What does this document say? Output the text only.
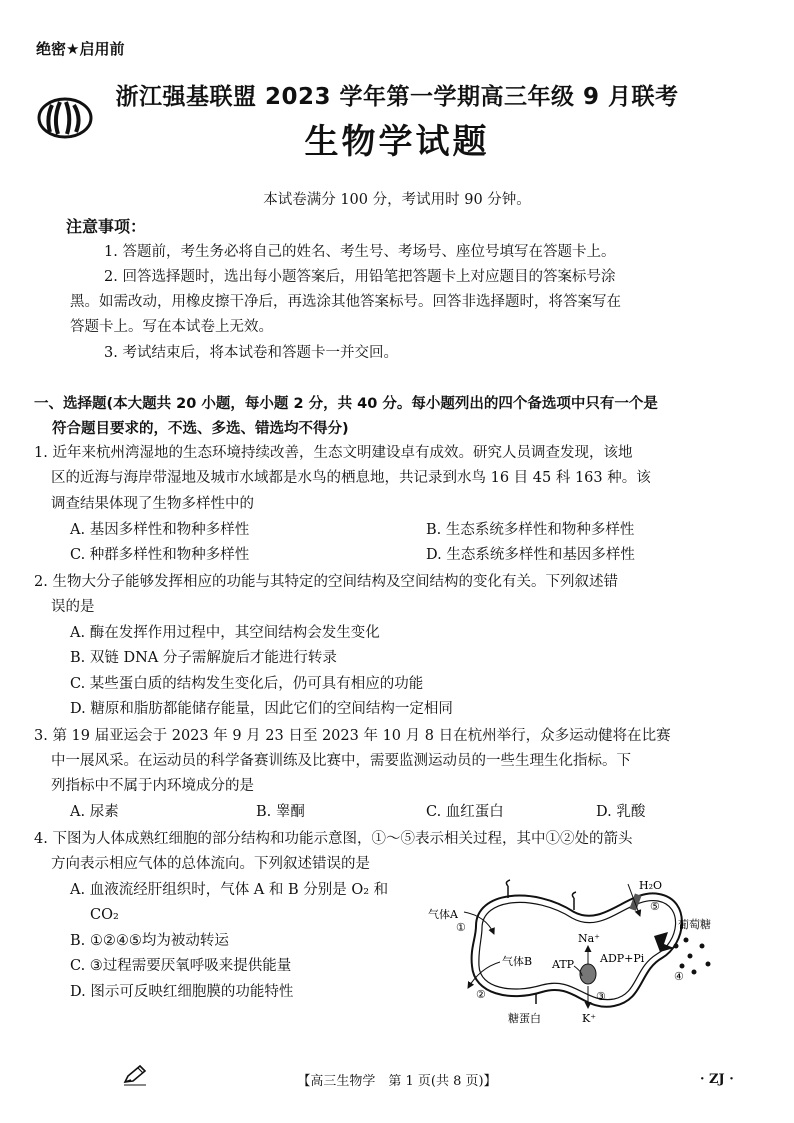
绝密★启用前
浙江强基联盟 2023 学年第一学期高三年级 9 月联考
生物学试题
本试卷满分 100 分，考试用时 90 分钟。
注意事项：
1. 答题前，考生务必将自己的姓名、考生号、考场号、座位号填写在答题卡上。
2. 回答选择题时，选出每小题答案后，用铅笔把答题卡上对应题目的答案标号涂
黑。如需改动，用橡皮擦干净后，再选涂其他答案标号。回答非选择题时，将答案写在
答题卡上。写在本试卷上无效。
3. 考试结束后，将本试卷和答题卡一并交回。
一、选择题(本大题共 20 小题，每小题 2 分，共 40 分。每小题列出的四个备选项中只有一个是
符合题目要求的，不选、多选、错选均不得分)
1. 近年来杭州湾湿地的生态环境持续改善，生态文明建设卓有成效。研究人员调查发现，该地
区的近海与海岸带湿地及城市水域都是水鸟的栖息地，共记录到水鸟 16 目 45 科 163 种。该
调查结果体现了生物多样性中的
A. 基因多样性和物种多样性	B. 生态系统多样性和物种多样性
C. 种群多样性和物种多样性	D. 生态系统多样性和基因多样性
2. 生物大分子能够发挥相应的功能与其特定的空间结构及空间结构的变化有关。下列叙述错
误的是
A. 酶在发挥作用过程中，其空间结构会发生变化
B. 双链 DNA 分子需解旋后才能进行转录
C. 某些蛋白质的结构发生变化后，仍可具有相应的功能
D. 糖原和脂肪都能储存能量，因此它们的空间结构一定相同
3. 第 19 届亚运会于 2023 年 9 月 23 日至 2023 年 10 月 8 日在杭州举行，众多运动健将在比赛
中一展风采。在运动员的科学备赛训练及比赛中，需要监测运动员的一些生理生化指标。下
列指标中不属于内环境成分的是
A. 尿素	B. 睾酮	C. 血红蛋白	D. 乳酸
4. 下图为人体成熟红细胞的部分结构和功能示意图，①～⑤表示相关过程，其中①②处的箭头
方向表示相应气体的总体流向。下列叙述错误的是
A. 血液流经肝组织时，气体 A 和 B 分别是 O₂ 和
CO₂
B. ①②④⑤均为被动转运
C. ③过程需要厌氧呼吸来提供能量
D. 图示可反映红细胞膜的功能特性
H₂O
⑤
气体A
①
气体B
②
Na⁺
ATP ADP+Pi
③
K⁺
糖蛋白
葡萄糖
④
【高三生物学　第 1 页(共 8 页)】	· ZJ ·
